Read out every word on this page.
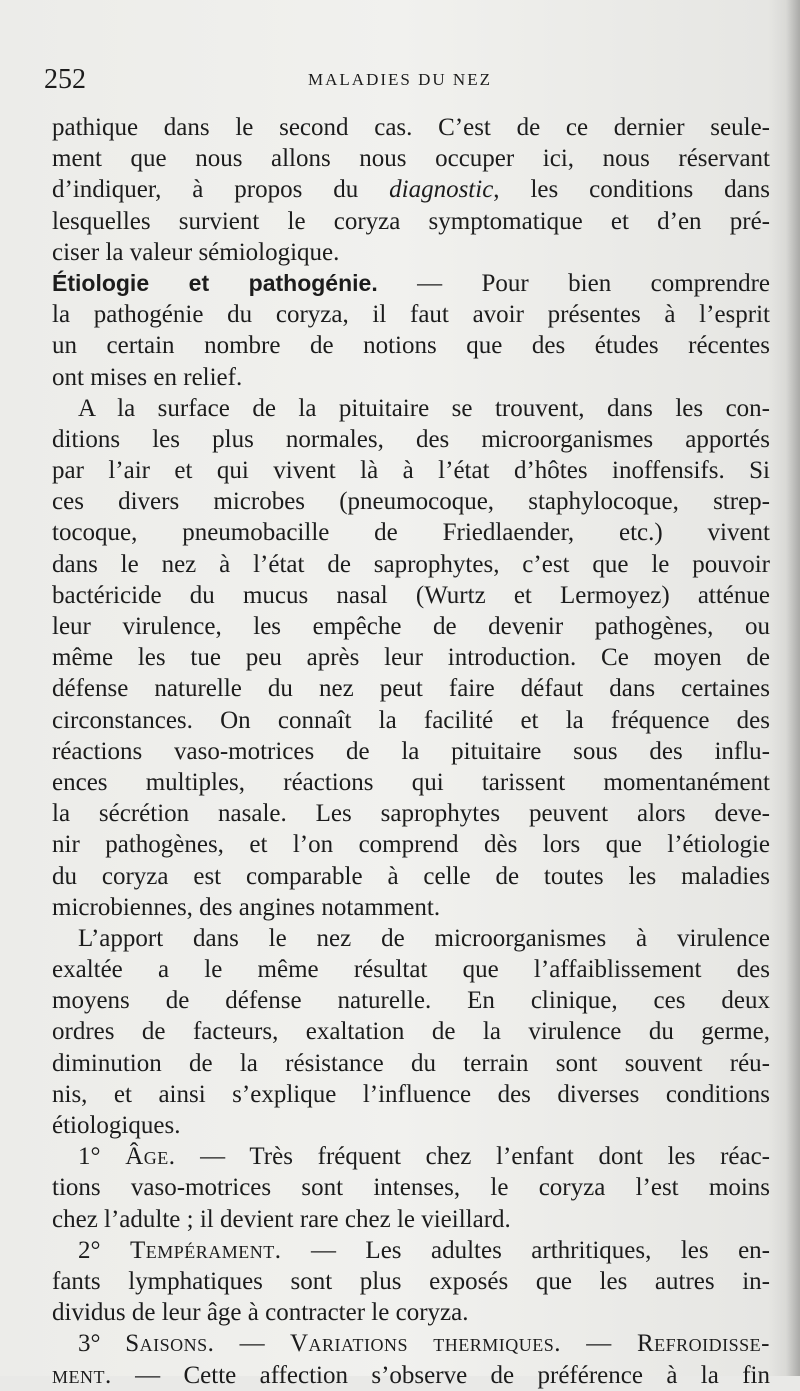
252	MALADIES DU NEZ
pathique dans le second cas. C’est de ce dernier seule-
ment que nous allons nous occuper ici, nous réservant
d’indiquer, à propos du diagnostic, les conditions dans
lesquelles survient le coryza symptomatique et d’en pré-
ciser la valeur sémiologique.
Étiologie et pathogénie. — Pour bien comprendre
la pathogénie du coryza, il faut avoir présentes à l’esprit
un certain nombre de notions que des études récentes
ont mises en relief.
A la surface de la pituitaire se trouvent, dans les con-
ditions les plus normales, des microorganismes apportés
par l’air et qui vivent là à l’état d’hôtes inoffensifs. Si
ces divers microbes (pneumocoque, staphylocoque, strep-
tocoque, pneumobacille de Friedlaender, etc.) vivent
dans le nez à l’état de saprophytes, c’est que le pouvoir
bactéricide du mucus nasal (Wurtz et Lermoyez) atténue
leur virulence, les empêche de devenir pathogènes, ou
même les tue peu après leur introduction. Ce moyen de
défense naturelle du nez peut faire défaut dans certaines
circonstances. On connaît la facilité et la fréquence des
réactions vaso-motrices de la pituitaire sous des influ-
ences multiples, réactions qui tarissent momentanément
la sécrétion nasale. Les saprophytes peuvent alors deve-
nir pathogènes, et l’on comprend dès lors que l’étiologie
du coryza est comparable à celle de toutes les maladies
microbiennes, des angines notamment.
L’apport dans le nez de microorganismes à virulence
exaltée a le même résultat que l’affaiblissement des
moyens de défense naturelle. En clinique, ces deux
ordres de facteurs, exaltation de la virulence du germe,
diminution de la résistance du terrain sont souvent réu-
nis, et ainsi s’explique l’influence des diverses conditions
étiologiques.
1° Âge. — Très fréquent chez l’enfant dont les réac-
tions vaso-motrices sont intenses, le coryza l’est moins
chez l’adulte ; il devient rare chez le vieillard.
2° Tempérament. — Les adultes arthritiques, les en-
fants lymphatiques sont plus exposés que les autres in-
dividus de leur âge à contracter le coryza.
3° Saisons. — Variations thermiques. — Refroidisse-
ment. — Cette affection s’observe de préférence à la fin
